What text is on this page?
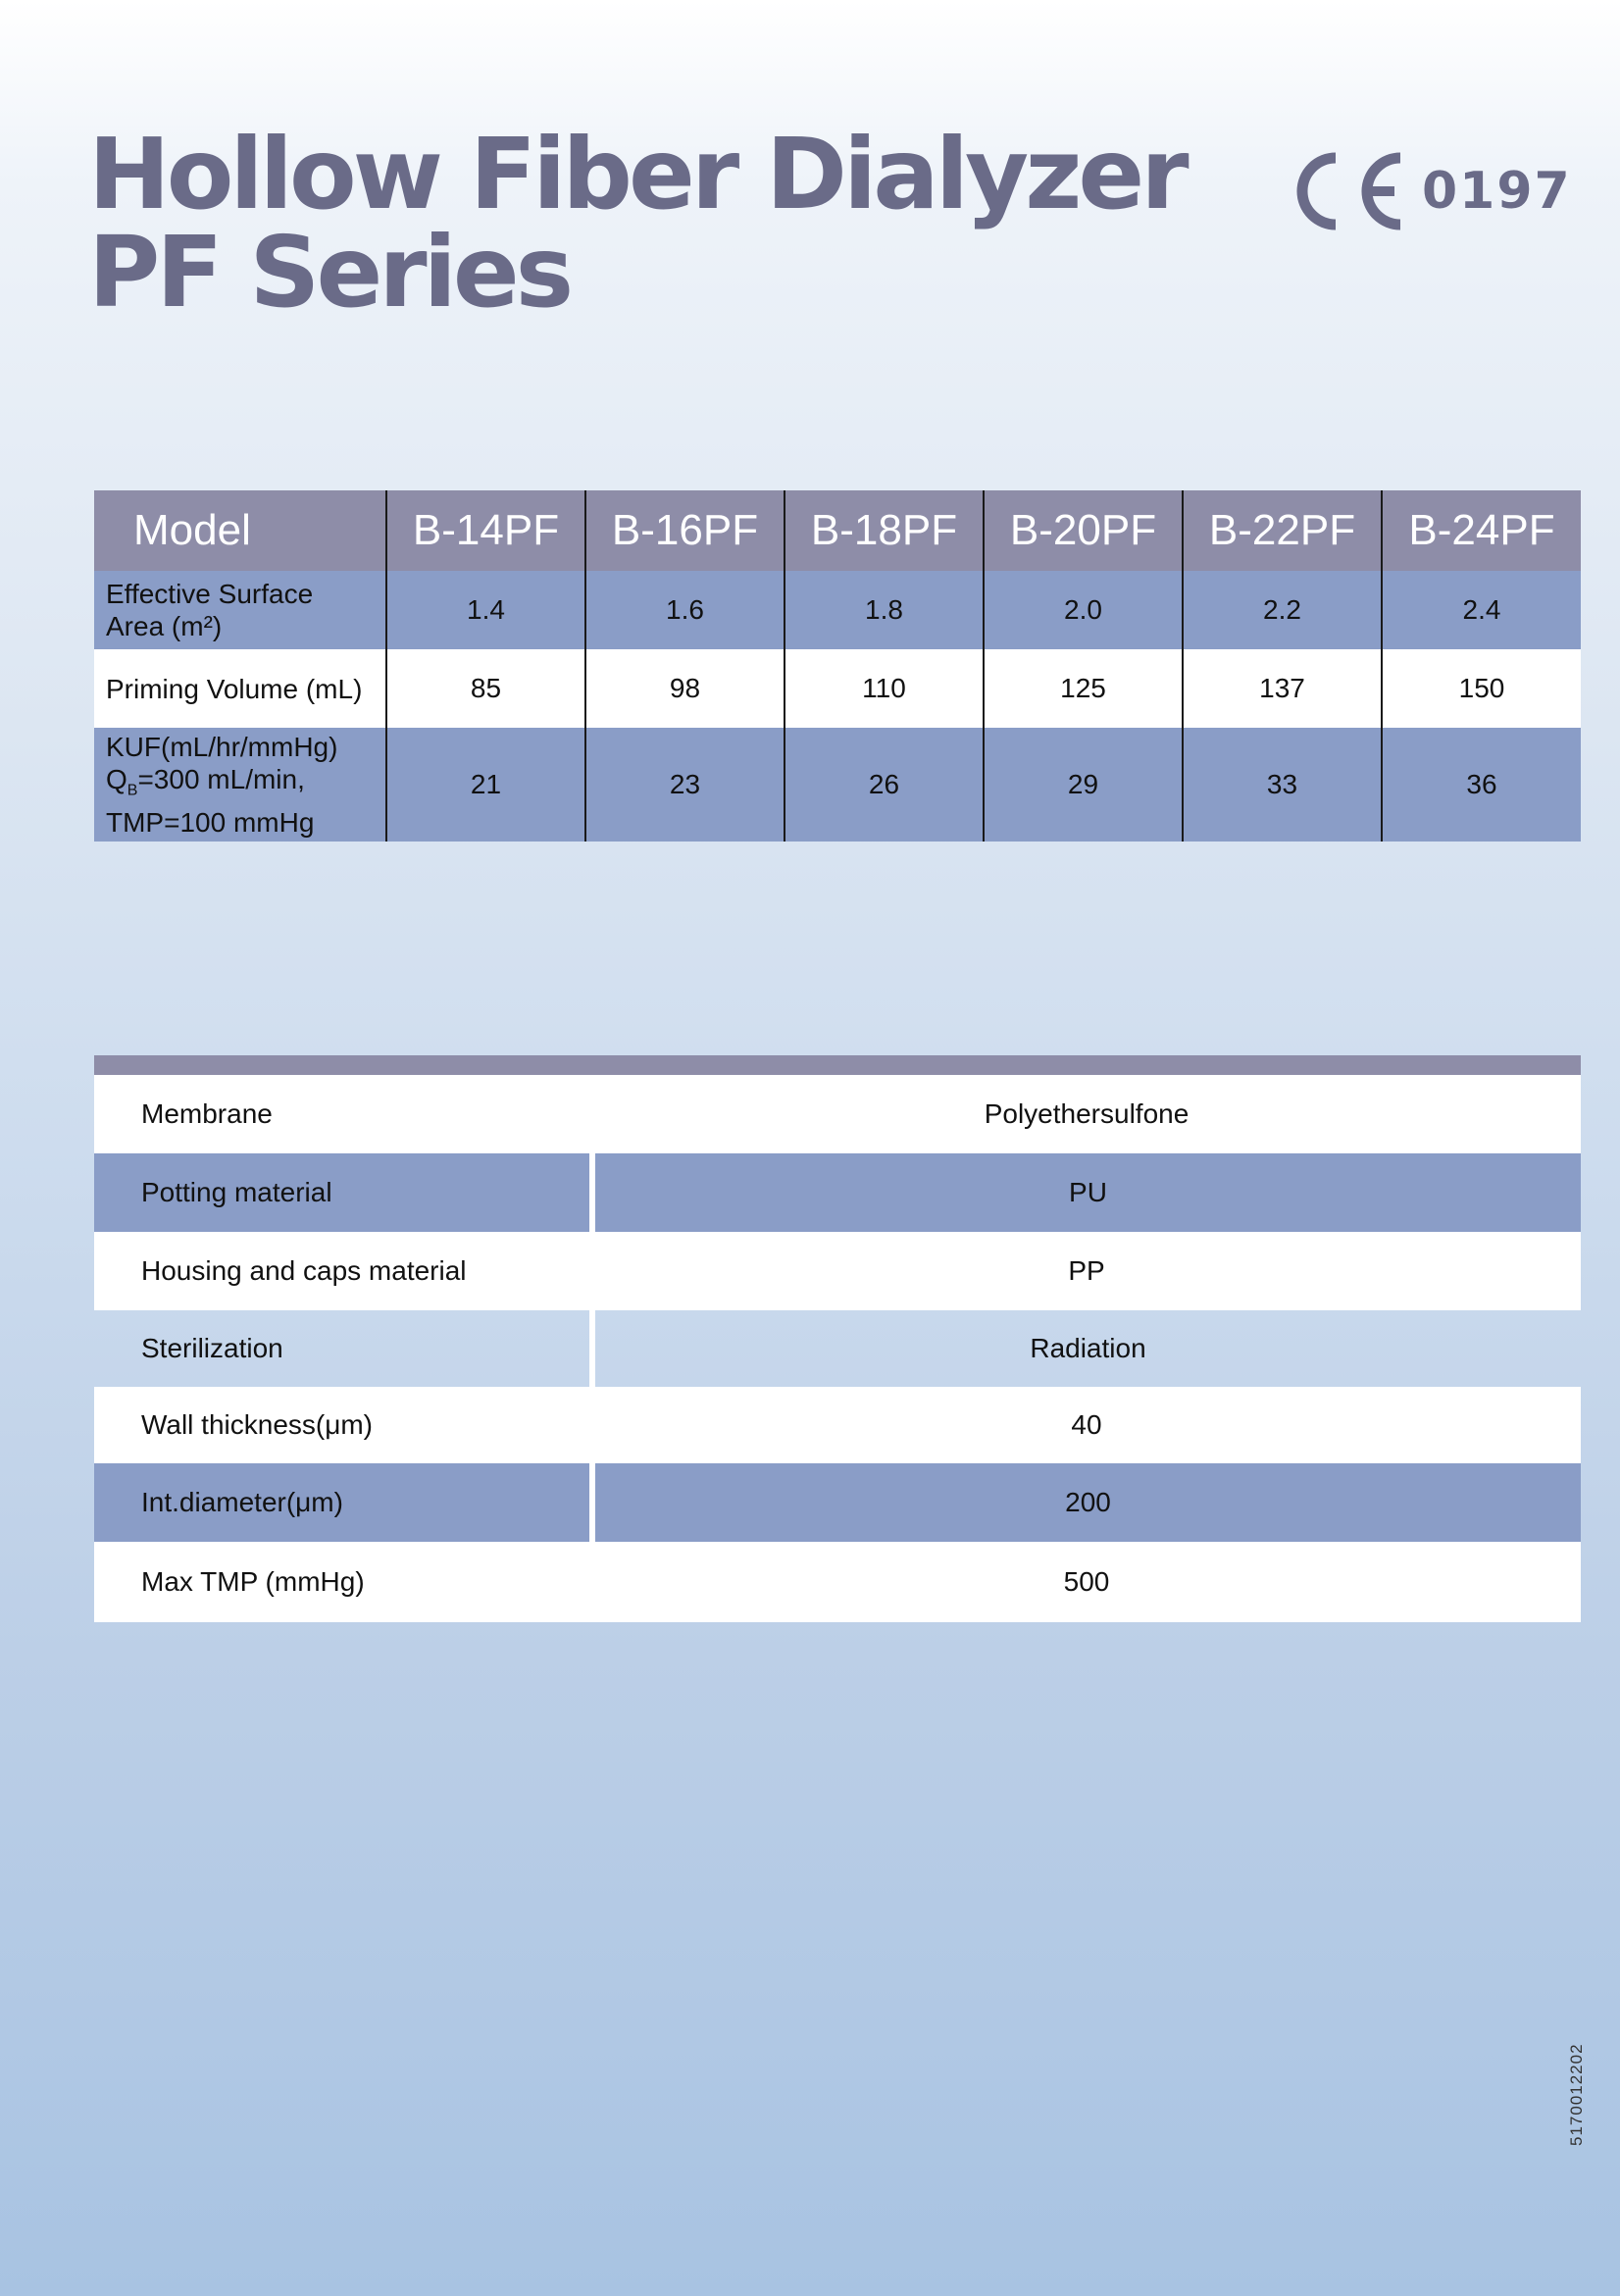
Hollow Fiber Dialyzer
PF Series
0197
Model	B-14PF	B-16PF	B-18PF	B-20PF	B-22PF	B-24PF

Effective Surface
Area (m²)	1.4	1.6	1.8	2.0	2.2	2.4

Priming Volume (mL)	85	98	110	125	137	150

KUF(mL/hr/mmHg)
$Q_B=300$ mL/min,
TMP=100 mmHg	21	23	26	29	33	36
Membrane	Polyethersulfone
Potting material	PU
Housing and caps material	PP
Sterilization	Radiation
Wall thickness(μm)	40
Int.diameter(μm)	200
Max TMP (mmHg)	500
5170012202
